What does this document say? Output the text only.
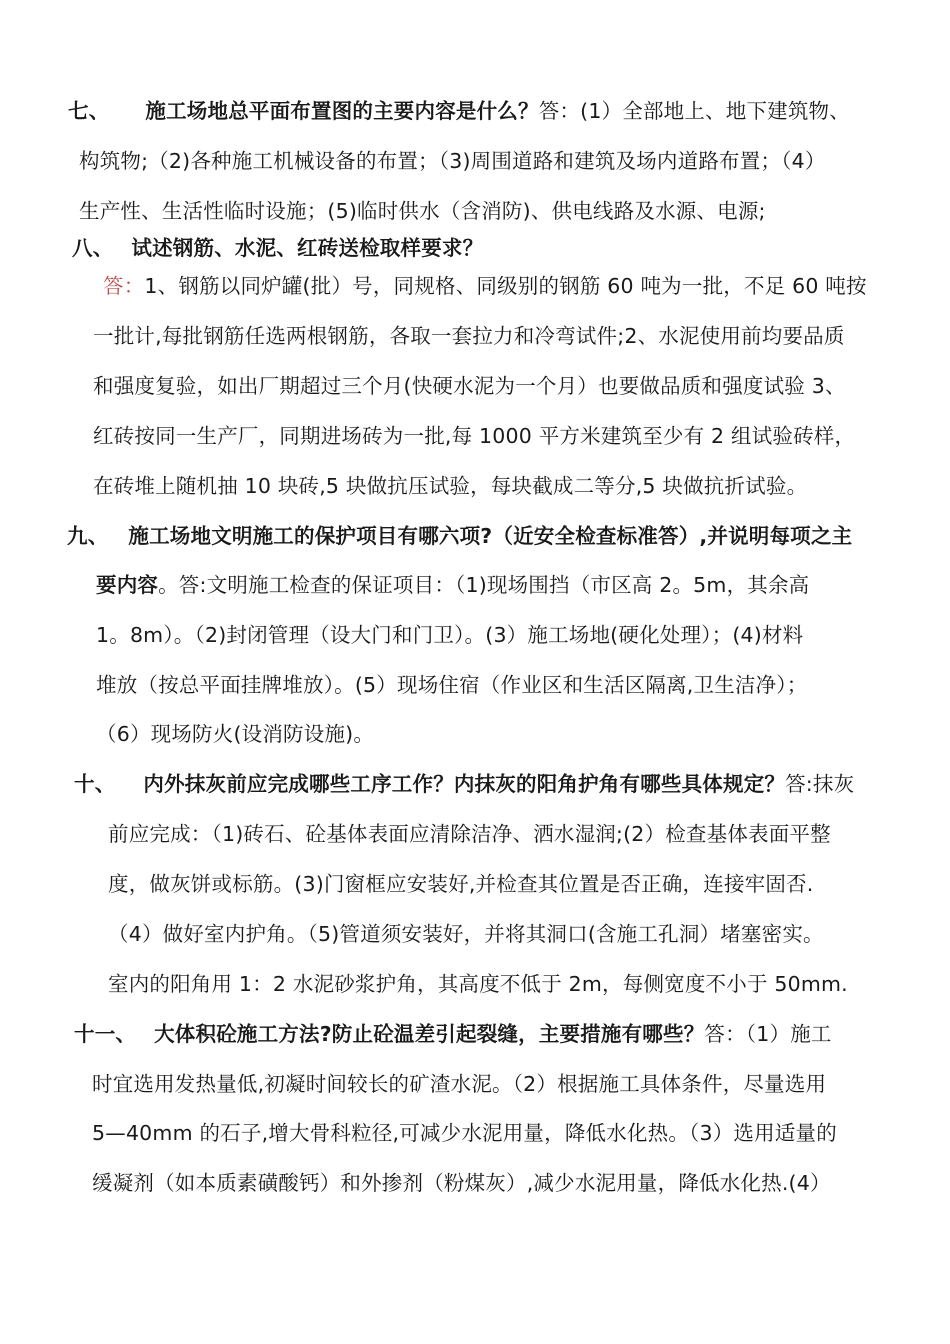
七、 施工场地总平面布置图的主要内容是什么？答：(1）全部地上、地下建筑物、
构筑物;（2)各种施工机械设备的布置；（3)周围道路和建筑及场内道路布置；（4）
生产性、生活性临时设施；(5)临时供水（含消防)、供电线路及水源、电源;
八、 试述钢筋、水泥、红砖送检取样要求？
答：1、钢筋以同炉罐(批）号，同规格、同级别的钢筋 60 吨为一批，不足 60 吨按
一批计,每批钢筋任选两根钢筋，各取一套拉力和冷弯试件;2、水泥使用前均要品质
和强度复验，如出厂期超过三个月(快硬水泥为一个月）也要做品质和强度试验 3、
红砖按同一生产厂，同期进场砖为一批,每 1000 平方米建筑至少有 2 组试验砖样，
在砖堆上随机抽 10 块砖,5 块做抗压试验，每块截成二等分,5 块做抗折试验。
九、 施工场地文明施工的保护项目有哪六项?（近安全检查标准答）,并说明每项之主
要内容。答:文明施工检查的保证项目：（1)现场围挡（市区高 2。5m，其余高
1。8m）。（2)封闭管理（设大门和门卫）。(3）施工场地(硬化处理）；(4)材料
堆放（按总平面挂牌堆放）。(5）现场住宿（作业区和生活区隔离,卫生洁净）；
（6）现场防火(设消防设施)。
十、 内外抹灰前应完成哪些工序工作？内抹灰的阳角护角有哪些具体规定？答:抹灰
前应完成：（1)砖石、砼基体表面应清除洁净、洒水湿润;(2）检查基体表面平整
度，做灰饼或标筋。(3)门窗框应安装好,并检查其位置是否正确，连接牢固否.
（4）做好室内护角。（5)管道须安装好，并将其洞口(含施工孔洞）堵塞密实。
室内的阳角用 1：2 水泥砂浆护角，其高度不低于 2m，每侧宽度不小于 50mm.
十一、 大体积砼施工方法?防止砼温差引起裂缝，主要措施有哪些？答：（1）施工
时宜选用发热量低,初凝时间较长的矿渣水泥。（2）根据施工具体条件，尽量选用
5—40mm 的石子,增大骨科粒径,可减少水泥用量，降低水化热。（3）选用适量的
缓凝剂（如本质素磺酸钙）和外掺剂（粉煤灰）,减少水泥用量，降低水化热.(4）
